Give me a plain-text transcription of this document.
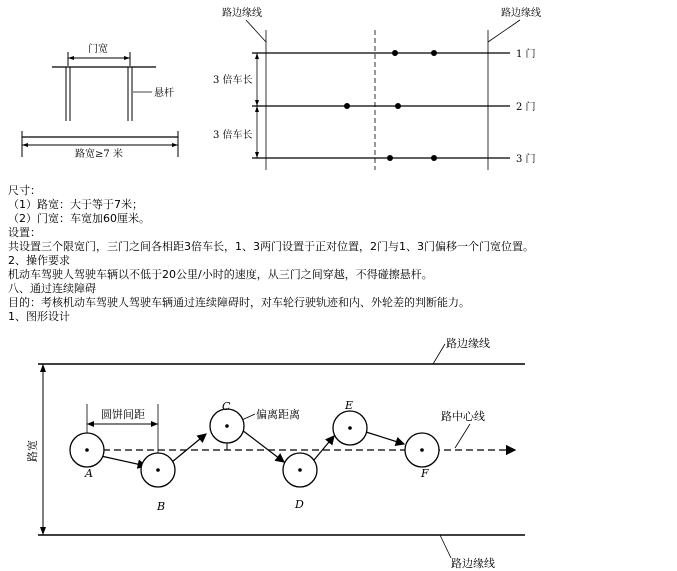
门宽
悬杆
路宽≥7 米
路边缘线	路边缘线
1 门
2 门
3 门
3 倍车长
3 倍车长
尺寸：
（1）路宽：大于等于7米；
（2）门宽：车宽加60厘米。
设置：
共设置三个限宽门，三门之间各相距3倍车长，1、3两门设置于正对位置，2门与1、3门偏移一个门宽位置。
2、操作要求
机动车驾驶人驾驶车辆以不低于20公里/小时的速度，从三门之间穿越，不得碰擦悬杆。
八、通过连续障碍
目的：考核机动车驾驶人驾驶车辆通过连续障碍时，对车轮行驶轨迹和内、外轮差的判断能力。
1、图形设计
路边缘线
路边缘线
路宽
路中心线
圆饼间距	偏离距离
A
B
C
D
E
F
